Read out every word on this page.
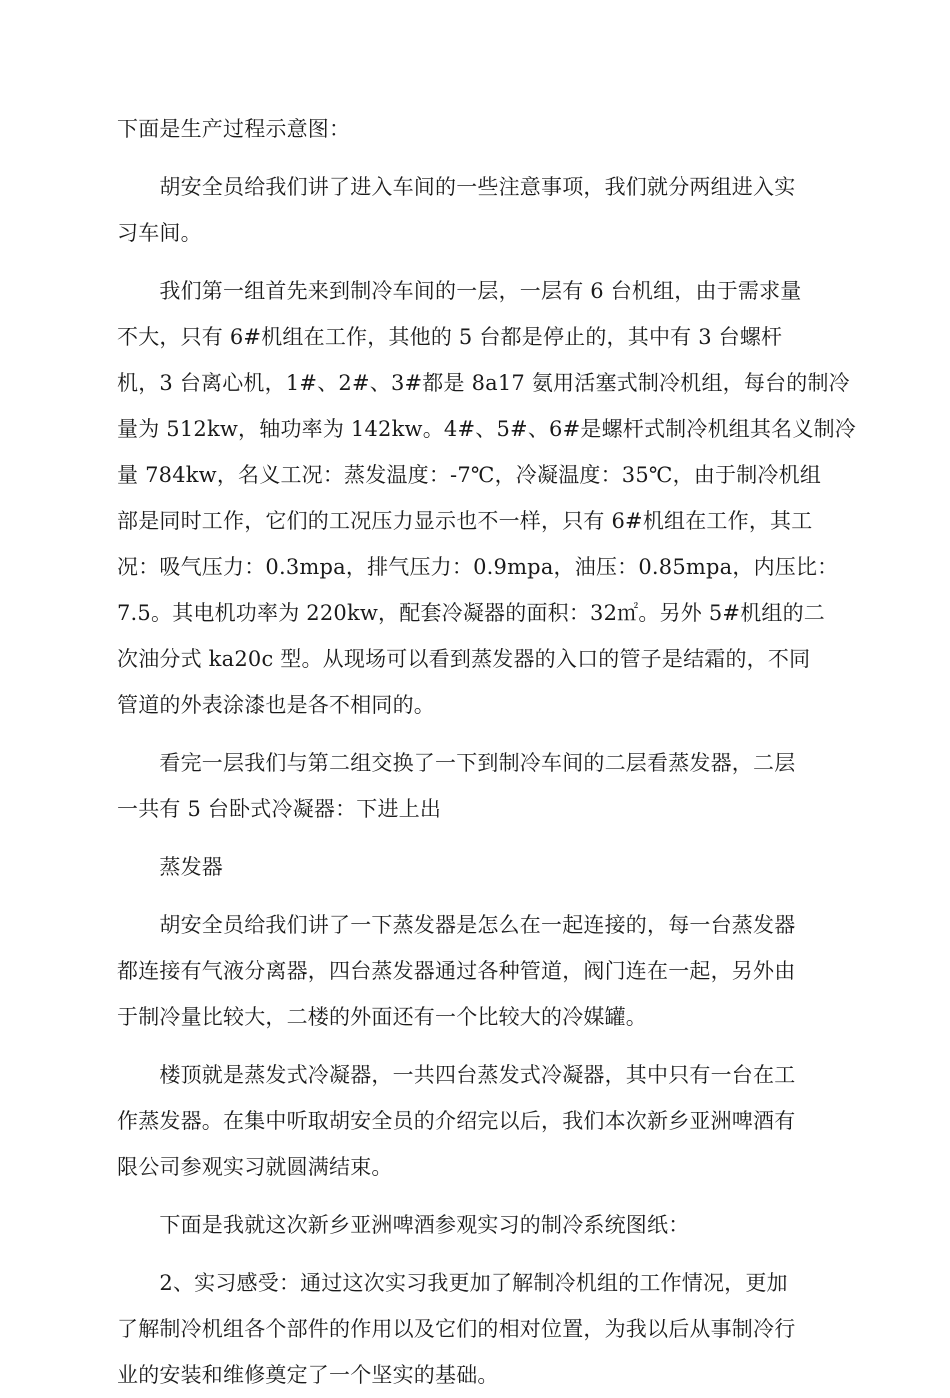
下面是生产过程示意图：
　　胡安全员给我们讲了进入车间的一些注意事项，我们就分两组进入实
习车间。
　　我们第一组首先来到制冷车间的一层，一层有 6 台机组，由于需求量
不大，只有 6#机组在工作，其他的 5 台都是停止的，其中有 3 台螺杆
机，3 台离心机，1#、2#、3#都是 8a17 氨用活塞式制冷机组，每台的制冷
量为 512kw，轴功率为 142kw。4#、5#、6#是螺杆式制冷机组其名义制冷
量 784kw，名义工况：蒸发温度：-7℃，冷凝温度：35℃，由于制冷机组
部是同时工作，它们的工况压力显示也不一样，只有 6#机组在工作，其工
况：吸气压力：0.3mpa，排气压力：0.9mpa，油压：0.85mpa，内压比：
7.5。其电机功率为 220kw，配套冷凝器的面积：32㎡。另外 5#机组的二
次油分式 ka20c 型。从现场可以看到蒸发器的入口的管子是结霜的，不同
管道的外表涂漆也是各不相同的。
　　看完一层我们与第二组交换了一下到制冷车间的二层看蒸发器，二层
一共有 5 台卧式冷凝器：下进上出
　　蒸发器
　　胡安全员给我们讲了一下蒸发器是怎么在一起连接的，每一台蒸发器
都连接有气液分离器，四台蒸发器通过各种管道，阀门连在一起，另外由
于制冷量比较大，二楼的外面还有一个比较大的冷媒罐。
　　楼顶就是蒸发式冷凝器，一共四台蒸发式冷凝器，其中只有一台在工
作蒸发器。在集中听取胡安全员的介绍完以后，我们本次新乡亚洲啤酒有
限公司参观实习就圆满结束。
　　下面是我就这次新乡亚洲啤酒参观实习的制冷系统图纸：
　　2、实习感受：通过这次实习我更加了解制冷机组的工作情况，更加
了解制冷机组各个部件的作用以及它们的相对位置，为我以后从事制冷行
业的安装和维修奠定了一个坚实的基础。
